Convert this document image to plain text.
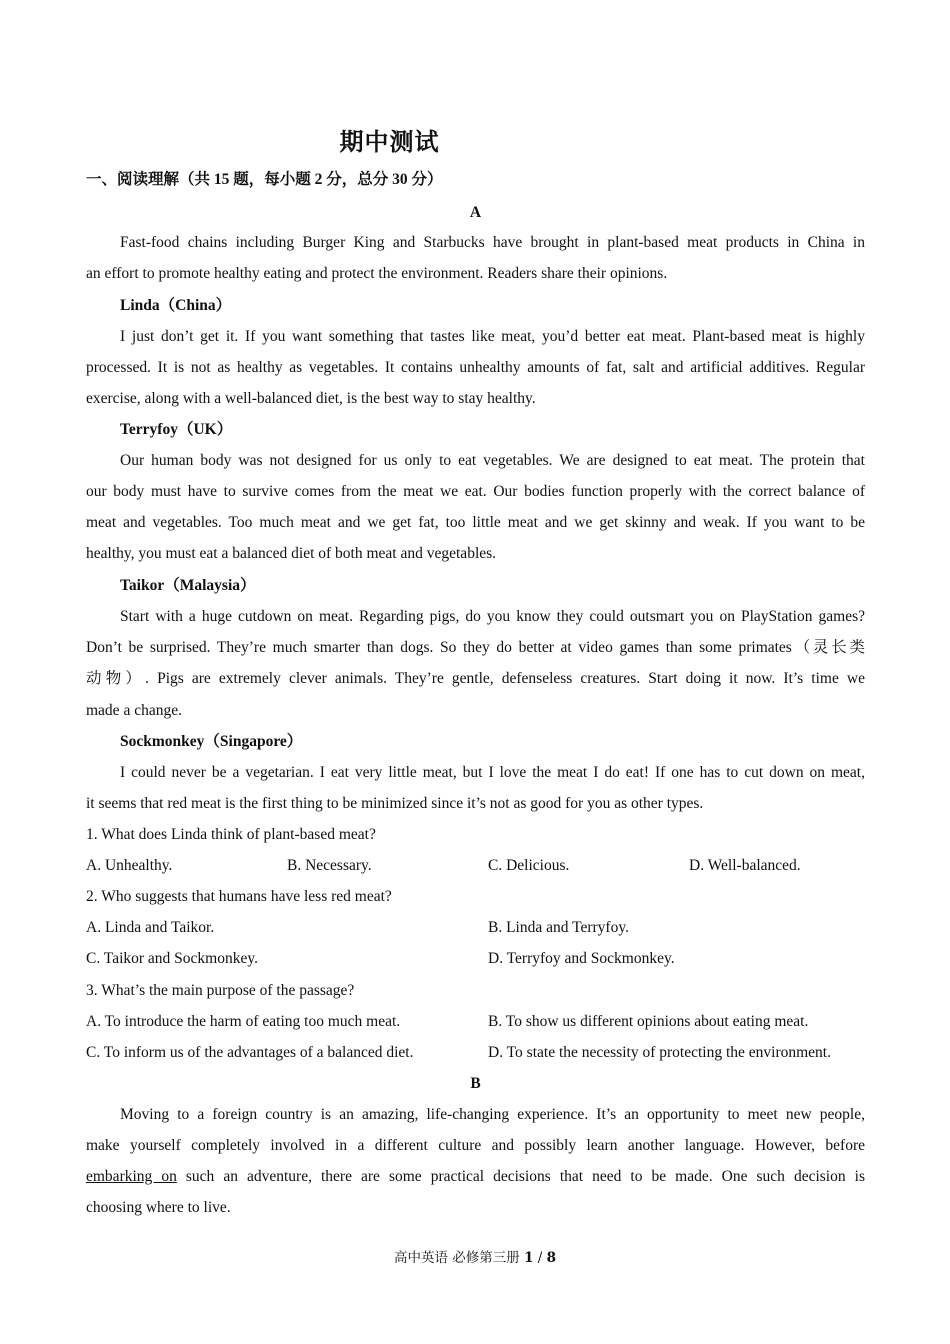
期中测试
一、阅读理解（共 15 题，每小题 2 分，总分 30 分）
A
Fast-food chains including Burger King and Starbucks have brought in plant-based meat products in China in
an effort to promote healthy eating and protect the environment. Readers share their opinions.
Linda（China）
I just don’t get it. If you want something that tastes like meat, you’d better eat meat. Plant-based meat is highly
processed. It is not as healthy as vegetables. It contains unhealthy amounts of fat, salt and artificial additives. Regular
exercise, along with a well-balanced diet, is the best way to stay healthy.
Terryfoy（UK）
Our human body was not designed for us only to eat vegetables. We are designed to eat meat. The protein that
our body must have to survive comes from the meat we eat. Our bodies function properly with the correct balance of
meat and vegetables. Too much meat and we get fat, too little meat and we get skinny and weak. If you want to be
healthy, you must eat a balanced diet of both meat and vegetables.
Taikor（Malaysia）
Start with a huge cutdown on meat. Regarding pigs, do you know they could outsmart you on PlayStation games?
Don’t be surprised. They’re much smarter than dogs. So they do better at video games than some primates（灵长类
动物）. Pigs are extremely clever animals. They’re gentle, defenseless creatures. Start doing it now. It’s time we
made a change.
Sockmonkey（Singapore）
I could never be a vegetarian. I eat very little meat, but I love the meat I do eat! If one has to cut down on meat,
it seems that red meat is the first thing to be minimized since it’s not as good for you as other types.
1. What does Linda think of plant-based meat?
A. Unhealthy.	B. Necessary.	C. Delicious.	D. Well-balanced.
2. Who suggests that humans have less red meat?
A. Linda and Taikor.	B. Linda and Terryfoy.
C. Taikor and Sockmonkey.	D. Terryfoy and Sockmonkey.
3. What’s the main purpose of the passage?
A. To introduce the harm of eating too much meat.	B. To show us different opinions about eating meat.
C. To inform us of the advantages of a balanced diet.	D. To state the necessity of protecting the environment.
B
Moving to a foreign country is an amazing, life-changing experience. It’s an opportunity to meet new people,
make yourself completely involved in a different culture and possibly learn another language. However, before
embarking on such an adventure, there are some practical decisions that need to be made. One such decision is
choosing where to live.
高中英语 必修第三册 1 / 8
